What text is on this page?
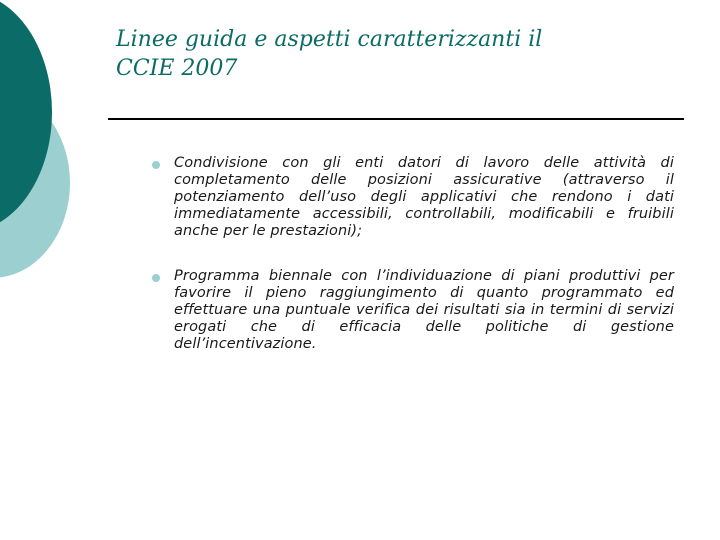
Linee guida e aspetti caratterizzanti il
CCIE 2007
Condivisione con gli enti datori di lavoro delle attività di completamento delle posizioni assicurative (attraverso il potenziamento dell’uso degli applicativi che rendono i dati immediatamente accessibili, controllabili, modificabili e fruibili anche per le prestazioni);
Programma biennale con l’individuazione di piani produttivi per favorire il pieno raggiungimento di quanto programmato ed effettuare una puntuale verifica dei risultati sia in termini di servizi erogati che di efficacia delle politiche di gestione dell’incentivazione.
